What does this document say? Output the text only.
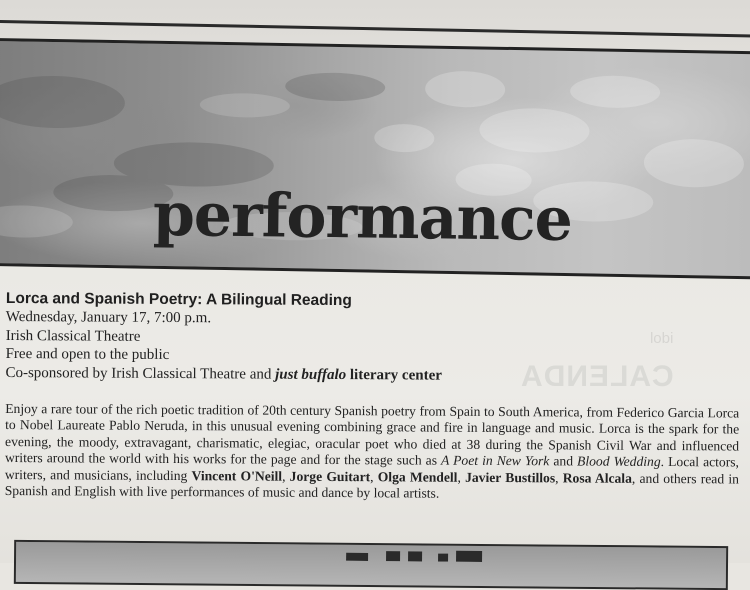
idol
CALENDA
performance
Lorca and Spanish Poetry: A Bilingual Reading

Wednesday, January 17, 7:00 p.m.

Irish Classical Theatre

Free and open to the public

Co-sponsored by Irish Classical Theatre and just buffalo literary center

Enjoy a rare tour of the rich poetic tradition of 20th century Spanish poetry from Spain to South America, from Federico Garcia Lorca to Nobel Laureate Pablo Neruda, in this unusual evening combining grace and fire in language and music. Lorca is the spark for the evening, the moody, extravagant, charismatic, elegiac, oracular poet who died at 38 during the Spanish Civil War and influenced writers around the world with his works for the page and for the stage such as A Poet in New York and Blood Wedding. Local actors, writers, and musicians, including Vincent O'Neill, Jorge Guitart, Olga Mendell, Javier Bustillos, Rosa Alcala, and others read in Spanish and English with live performances of music and dance by local artists.
